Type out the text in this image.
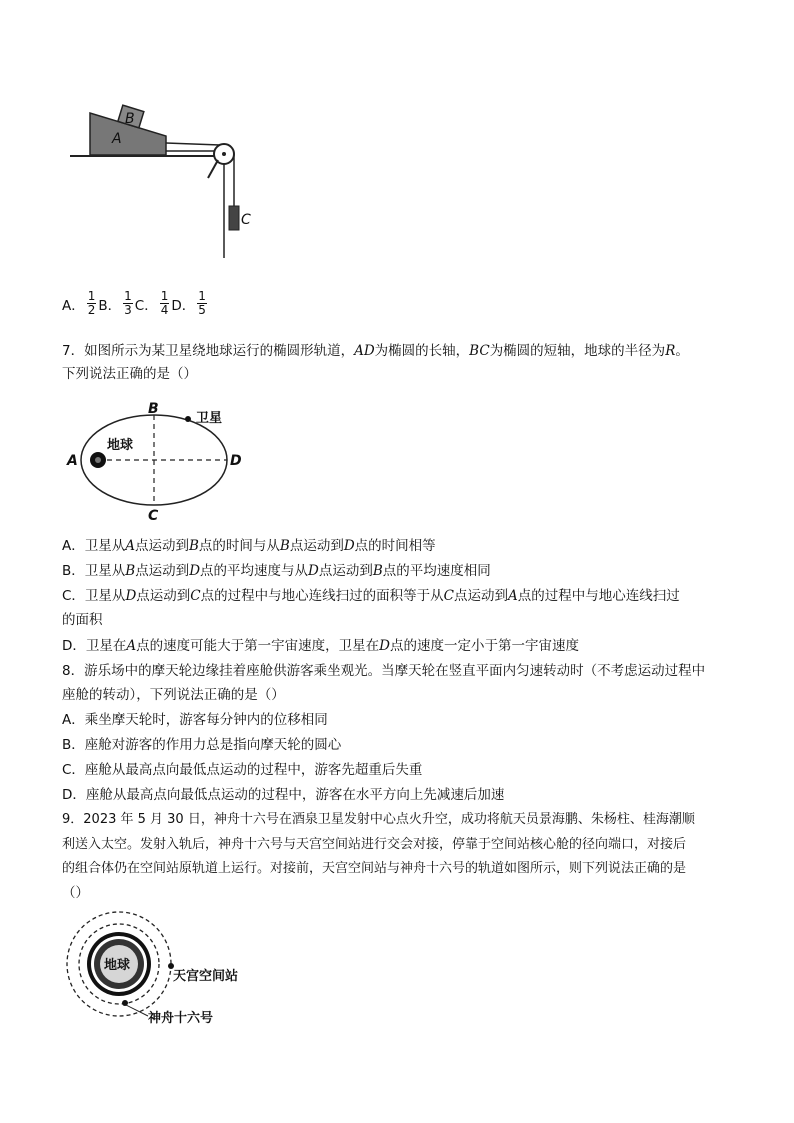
B
A
C
A． $\frac{1}{2}$ B． $\frac{1}{3}$ C． $\frac{1}{4}$ D． $\frac{1}{5}$
7．如图所示为某卫星绕地球运行的椭圆形轨道，AD为椭圆的长轴，BC为椭圆的短轴，地球的半径为R。
下列说法正确的是（）
B
C
A	D
地球
卫星
A．卫星从A点运动到B点的时间与从B点运动到D点的时间相等
B．卫星从B点运动到D点的平均速度与从D点运动到B点的平均速度相同
C．卫星从D点运动到C点的过程中与地心连线扫过的面积等于从C点运动到A点的过程中与地心连线扫过
的面积
D．卫星在A点的速度可能大于第一宇宙速度，卫星在D点的速度一定小于第一宇宙速度
8．游乐场中的摩天轮边缘挂着座舱供游客乘坐观光。当摩天轮在竖直平面内匀速转动时（不考虑运动过程中
座舱的转动），下列说法正确的是（）
A．乘坐摩天轮时，游客每分钟内的位移相同
B．座舱对游客的作用力总是指向摩天轮的圆心
C．座舱从最高点向最低点运动的过程中，游客先超重后失重
D．座舱从最高点向最低点运动的过程中，游客在水平方向上先减速后加速
9．2023 年 5 月 30 日，神舟十六号在酒泉卫星发射中心点火升空，成功将航天员景海鹏、朱杨柱、桂海潮顺
利送入太空。发射入轨后，神舟十六号与天宫空间站进行交会对接，停靠于空间站核心舱的径向端口，对接后
的组合体仍在空间站原轨道上运行。对接前，天宫空间站与神舟十六号的轨道如图所示，则下列说法正确的是
（）
地球
天宫空间站
神舟十六号
